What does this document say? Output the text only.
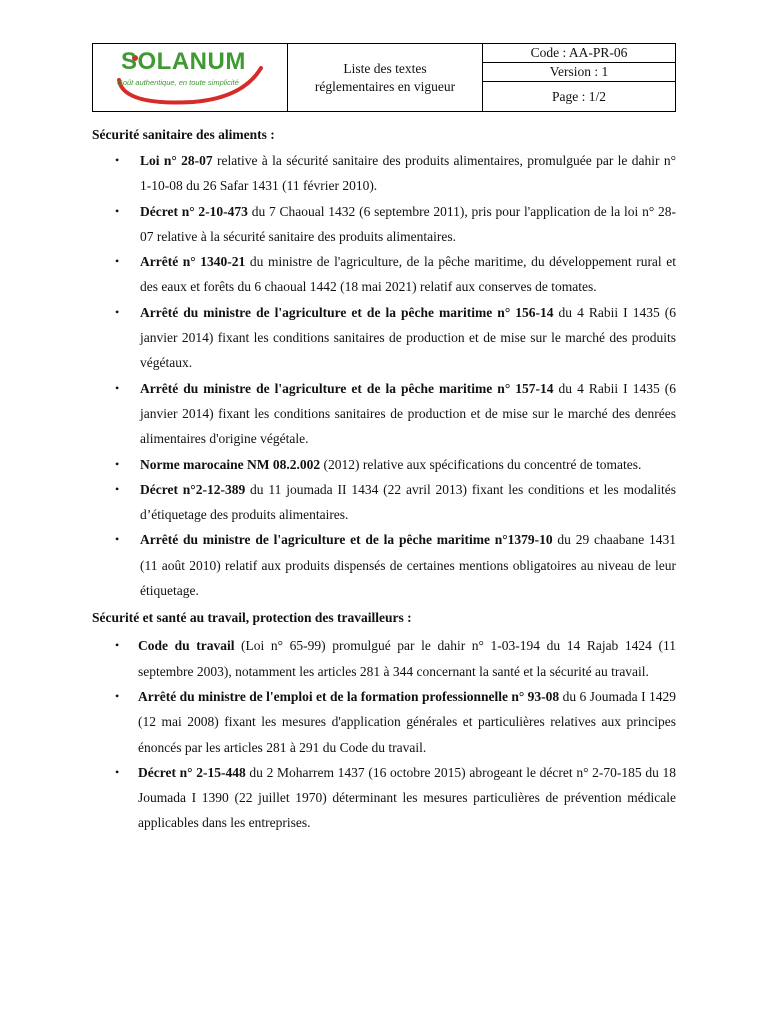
SOLANUM
Goût authentique, en toute simplicité
Liste des textes
réglementaires en vigueur
Code : AA-PR-06
Version : 1
Page : 1/2
Sécurité sanitaire des aliments :
• Loi n° 28-07 relative à la sécurité sanitaire des produits alimentaires, promulguée par le dahir n° 1-10-08 du 26 Safar 1431 (11 février 2010).
• Décret n° 2-10-473 du 7 Chaoual 1432 (6 septembre 2011), pris pour l'application de la loi n° 28-07 relative à la sécurité sanitaire des produits alimentaires.
• Arrêté n° 1340-21 du ministre de l'agriculture, de la pêche maritime, du développement rural et des eaux et forêts du 6 chaoual 1442 (18 mai 2021) relatif aux conserves de tomates.
• Arrêté du ministre de l'agriculture et de la pêche maritime n° 156-14 du 4 Rabii I 1435 (6 janvier 2014) fixant les conditions sanitaires de production et de mise sur le marché des produits végétaux.
• Arrêté du ministre de l'agriculture et de la pêche maritime n° 157-14 du 4 Rabii I 1435 (6 janvier 2014) fixant les conditions sanitaires de production et de mise sur le marché des denrées alimentaires d'origine végétale.
• Norme marocaine NM 08.2.002 (2012) relative aux spécifications du concentré de tomates.
• Décret n°2-12-389 du 11 joumada II 1434 (22 avril 2013) fixant les conditions et les modalités d’étiquetage des produits alimentaires.
• Arrêté du ministre de l'agriculture et de la pêche maritime n°1379-10 du 29 chaabane 1431 (11 août 2010) relatif aux produits dispensés de certaines mentions obligatoires au niveau de leur étiquetage.
Sécurité et santé au travail, protection des travailleurs :
• Code du travail (Loi n° 65-99) promulgué par le dahir n° 1-03-194 du 14 Rajab 1424 (11 septembre 2003), notamment les articles 281 à 344 concernant la santé et la sécurité au travail.
• Arrêté du ministre de l'emploi et de la formation professionnelle n° 93-08 du 6 Joumada I 1429 (12 mai 2008) fixant les mesures d'application générales et particulières relatives aux principes énoncés par les articles 281 à 291 du Code du travail.
• Décret n° 2-15-448 du 2 Moharrem 1437 (16 octobre 2015) abrogeant le décret n° 2-70-185 du 18 Joumada I 1390 (22 juillet 1970) déterminant les mesures particulières de prévention médicale applicables dans les entreprises.
